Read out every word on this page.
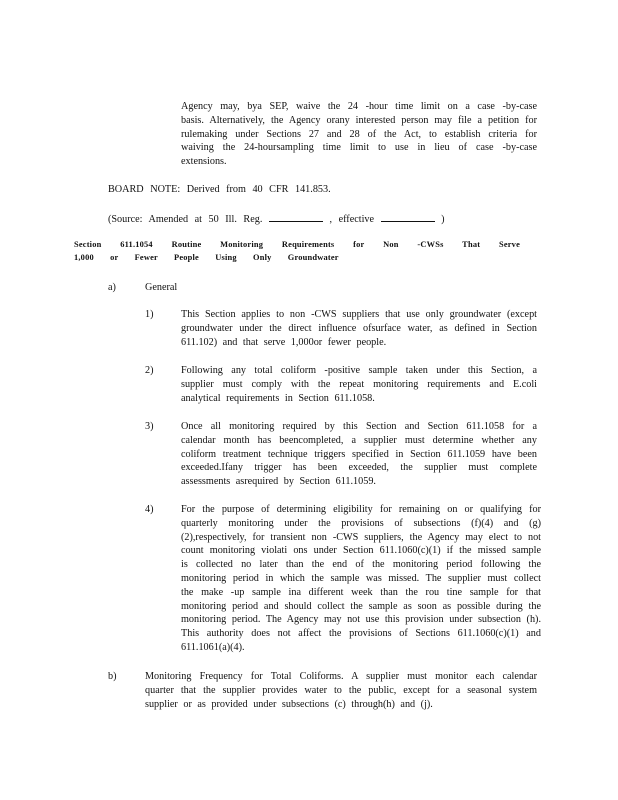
Agency may, bya SEP, waive the 24 -hour time limit on a case -by-case basis. Alternatively, the Agency orany interested person may file a petition for rulemaking under Sections 27 and 28 of the Act, to establish criteria for waiving the 24-hoursampling time limit to use in lieu of case -by-case extensions.

BOARD NOTE: Derived from 40 CFR 141.853.

(Source: Amended at 50 Ill. Reg.	, effective	)

Section 611.1054 Routine Monitoring Requirements for Non -CWSs That Serve 1,000 or Fewer People Using Only Groundwater

a)	General
1)	This Section applies to non -CWS suppliers that use only groundwater (except groundwater under the direct influence ofsurface water, as defined in Section 611.102) and that serve 1,000or fewer people.

2)	Following any total coliform -positive sample taken under this Section, a supplier must comply with the repeat monitoring requirements and E.coli analytical requirements in Section 611.1058.

3)	Once all monitoring required by this Section and Section 611.1058 for a calendar month has beencompleted, a supplier must determine whether any coliform treatment technique triggers specified in Section 611.1059 have been exceeded.Ifany trigger has been exceeded, the supplier must complete assessments asrequired by Section 611.1059.

4)	For the purpose of determining eligibility for remaining on or qualifying for quarterly monitoring under the provisions of subsections (f)(4) and (g)(2),respectively, for transient non -CWS suppliers, the Agency may elect to not count monitoring violati ons under Section 611.1060(c)(1) if the missed sample is collected no later than the end of the monitoring period following the monitoring period in which the sample was missed. The supplier must collect the make -up sample ina different week than the rou tine sample for that monitoring period and should collect the sample as soon as possible during the monitoring period. The Agency may not use this provision under subsection (h). This authority does not affect the provisions of Sections 611.1060(c)(1) and 611.1061(a)(4).

b)	Monitoring Frequency for Total Coliforms. A supplier must monitor each calendar quarter that the supplier provides water to the public, except for a seasonal system supplier or as provided under subsections (c) through(h) and (j).
